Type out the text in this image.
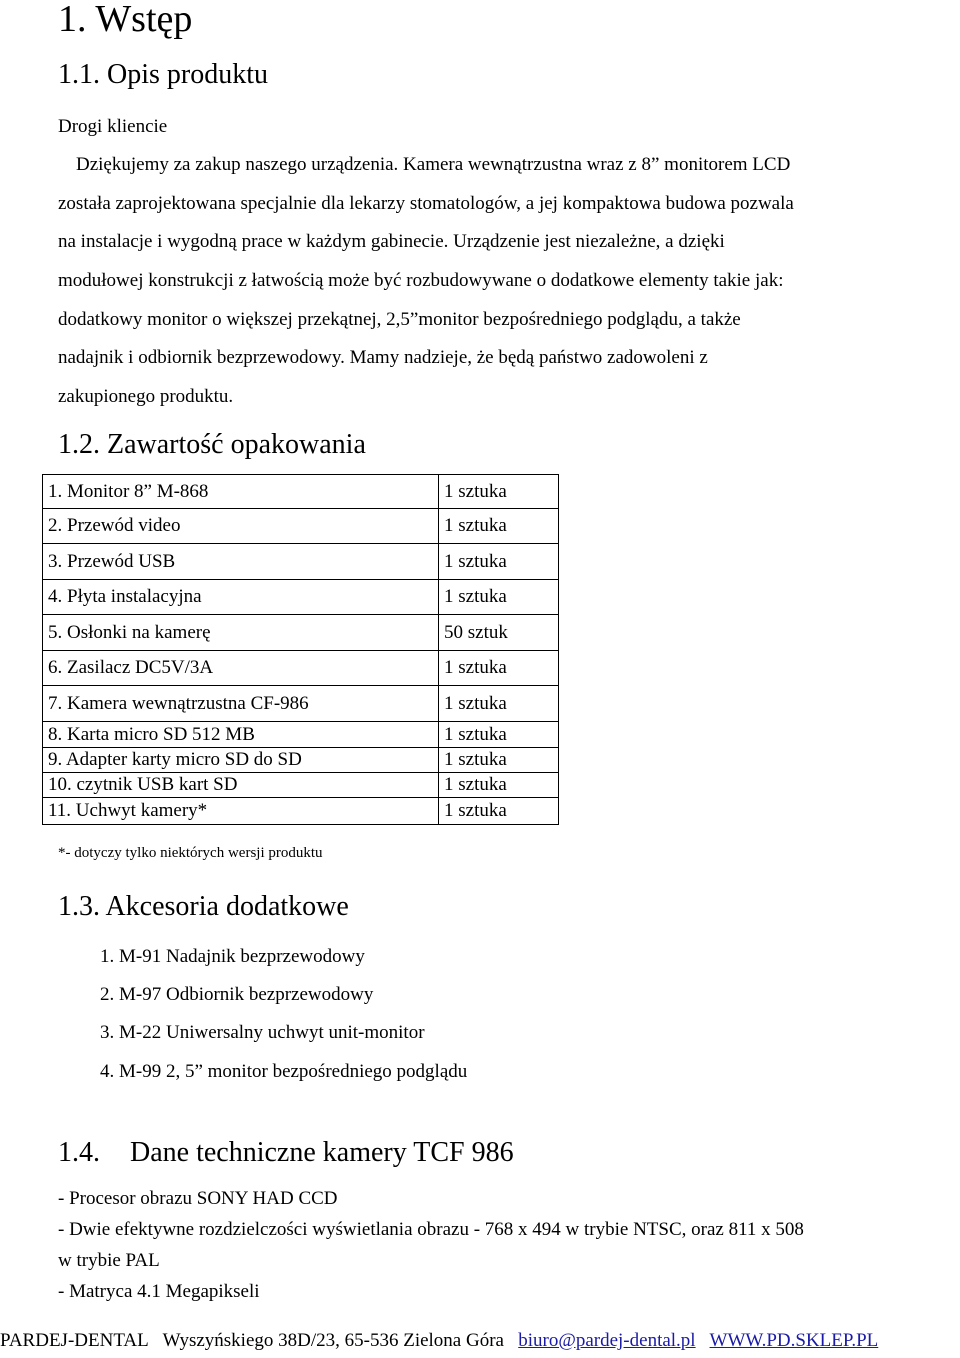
1. Wstęp
1.1. Opis produktu
Drogi kliencie
Dziękujemy za zakup naszego urządzenia. Kamera wewnątrzustna wraz z 8” monitorem LCD
została zaprojektowana specjalnie dla lekarzy stomatologów, a jej kompaktowa budowa pozwala
na instalacje i wygodną prace w każdym gabinecie. Urządzenie jest niezależne, a dzięki
modułowej konstrukcji z łatwością może być rozbudowywane o dodatkowe elementy takie jak:
dodatkowy monitor o większej przekątnej, 2,5”monitor bezpośredniego podglądu, a także
nadajnik i odbiornik bezprzewodowy. Mamy nadzieje, że będą państwo zadowoleni z
zakupionego produktu.
1.2. Zawartość opakowania
1. Monitor 8” M-868	1 sztuka
2. Przewód video	1 sztuka
3. Przewód USB	1 sztuka
4. Płyta instalacyjna	1 sztuka
5. Osłonki na kamerę	50 sztuk
6. Zasilacz DC5V/3A	1 sztuka
7. Kamera wewnątrzustna CF-986	1 sztuka
8. Karta micro SD 512 MB	1 sztuka
9. Adapter karty micro SD do SD	1 sztuka
10. czytnik USB kart SD	1 sztuka
11. Uchwyt kamery*	1 sztuka
*- dotyczy tylko niektórych wersji produktu
1.3. Akcesoria dodatkowe
1. M-91 Nadajnik bezprzewodowy
2. M-97 Odbiornik bezprzewodowy
3. M-22 Uniwersalny uchwyt unit-monitor
4. M-99 2, 5” monitor bezpośredniego podglądu
1.4. Dane techniczne kamery TCF 986
- Procesor obrazu SONY HAD CCD
- Dwie efektywne rozdzielczości wyświetlania obrazu - 768 x 494 w trybie NTSC, oraz 811 x 508
w trybie PAL
- Matryca 4.1 Megapikseli
PARDEJ-DENTAL Wyszyńskiego 38D/23, 65-536 Zielona Góra biuro@pardej-dental.pl WWW.PD.SKLEP.PL
